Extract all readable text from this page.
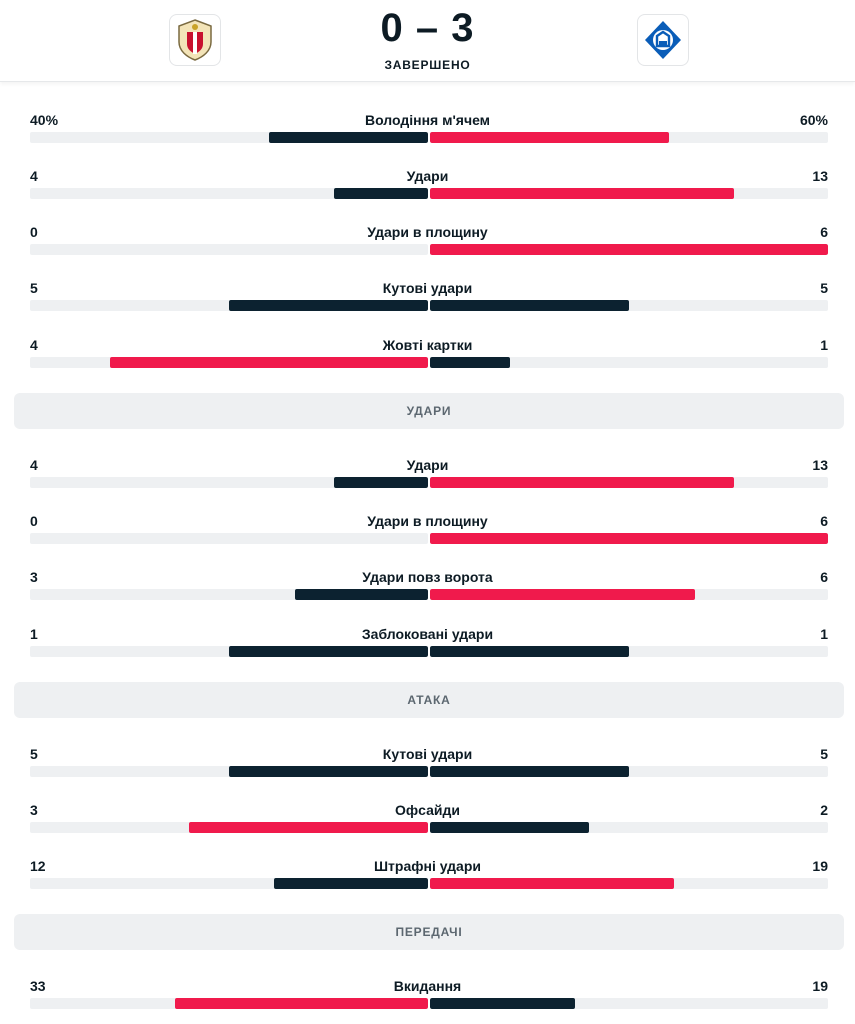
0 – 3
ЗАВЕРШЕНО
40%	Володіння м'ячем	60%
4	Удари	13
0	Удари в площину	6
5	Кутові удари	5
4	Жовті картки	1
УДАРИ
4	Удари	13
0	Удари в площину	6
3	Удари повз ворота	6
1	Заблоковані удари	1
АТАКА
5	Кутові удари	5
3	Офсайди	2
12	Штрафні удари	19
ПЕРЕДАЧІ
33	Вкидання	19
